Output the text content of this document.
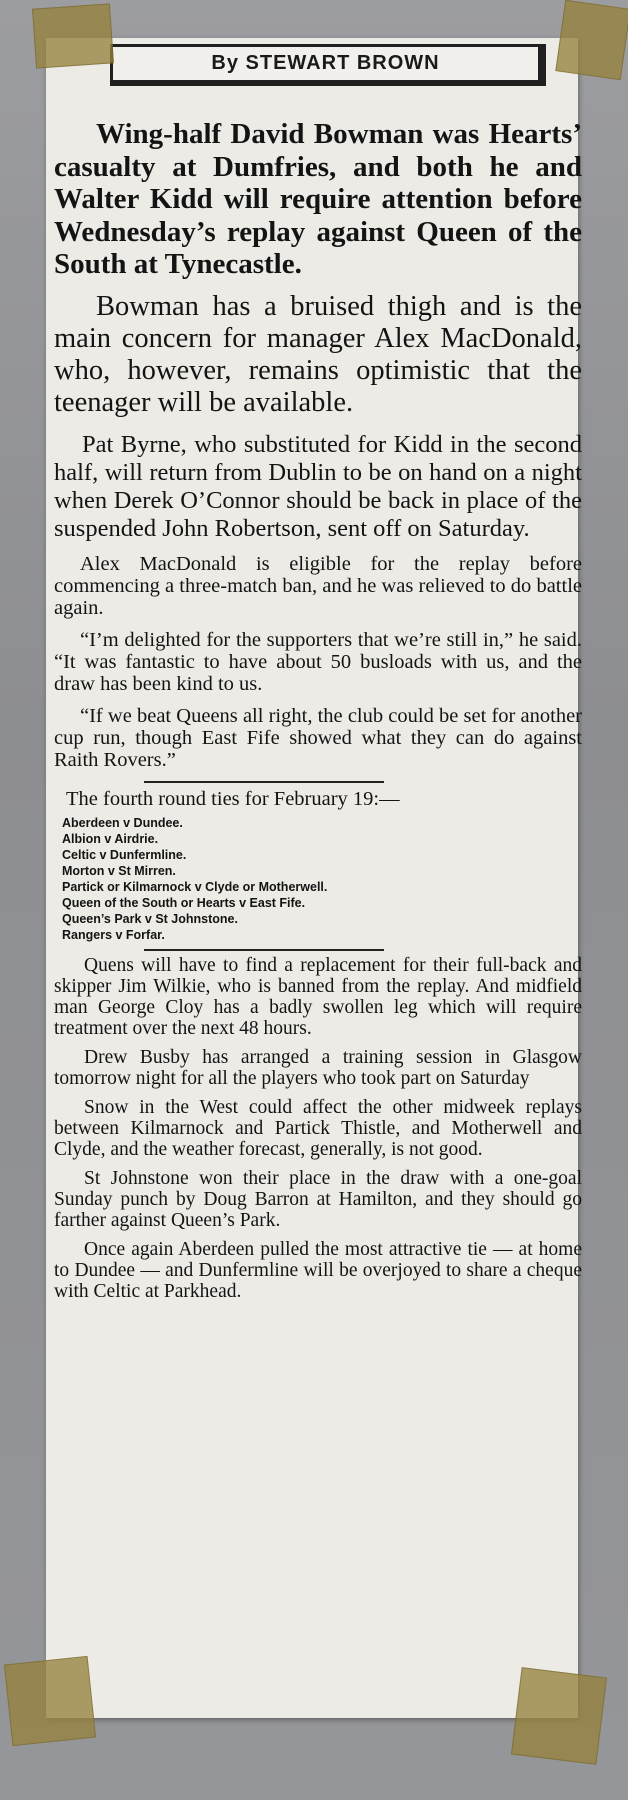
By STEWART BROWN

Wing-half David Bowman was Hearts’ casualty at Dumfries, and both he and Walter Kidd will require attention before Wednesday’s replay against Queen of the South at Tynecastle.

Bowman has a bruised thigh and is the main concern for manager Alex MacDonald, who, however, remains optimistic that the teenager will be available.

Pat Byrne, who substituted for Kidd in the second half, will return from Dublin to be on hand on a night when Derek O’Connor should be back in place of the suspended John Robertson, sent off on Saturday.

Alex MacDonald is eligible for the replay before commencing a three-match ban, and he was relieved to do battle again.

“I’m delighted for the supporters that we’re still in,” he said. “It was fantastic to have about 50 busloads with us, and the draw has been kind to us.

“If we beat Queens all right, the club could be set for another cup run, though East Fife showed what they can do against Raith Rovers.”

The fourth round ties for February 19:—

Aberdeen v Dundee.
Albion v Airdrie.
Celtic v Dunfermline.
Morton v St Mirren.
Partick or Kilmarnock v Clyde or Motherwell.
Queen of the South or Hearts v East Fife.
Queen’s Park v St Johnstone.
Rangers v Forfar.

Quens will have to find a replacement for their full-back and skipper Jim Wilkie, who is banned from the replay. And midfield man George Cloy has a badly swollen leg which will require treatment over the next 48 hours.

Drew Busby has arranged a training session in Glasgow tomorrow night for all the players who took part on Saturday

Snow in the West could affect the other midweek replays between Kilmarnock and Partick Thistle, and Motherwell and Clyde, and the weather forecast, generally, is not good.

St Johnstone won their place in the draw with a one-goal Sunday punch by Doug Barron at Hamilton, and they should go farther against Queen’s Park.

Once again Aberdeen pulled the most attractive tie — at home to Dundee — and Dunfermline will be overjoyed to share a cheque with Celtic at Parkhead.
